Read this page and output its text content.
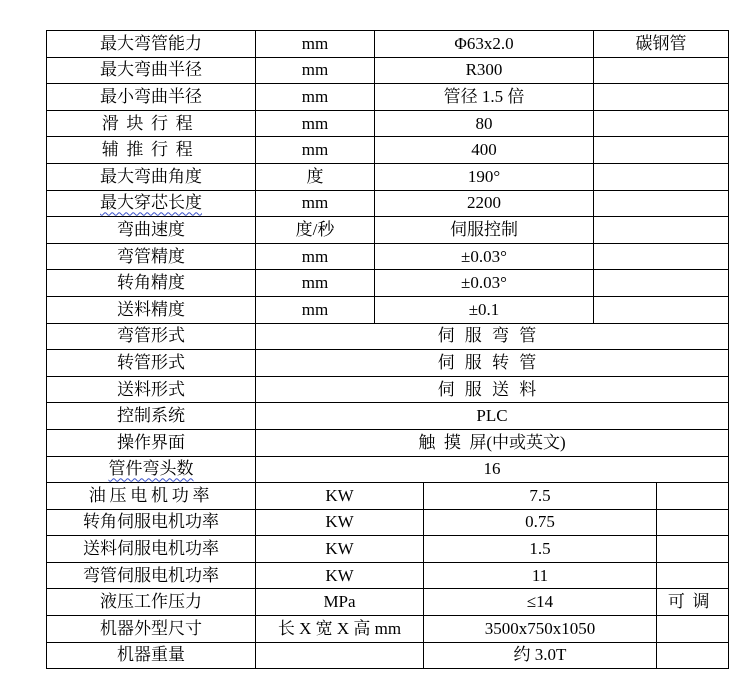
最大弯管能力	mm	Φ63x2.0		碳钢管	
最大弯曲半径	mm	R300			
最小弯曲半径	mm	管径 1.5 倍			
滑块行程	mm	80			
辅推行程	mm	400			
最大弯曲角度	度	190°			
最大穿芯长度	mm	2200			
弯曲速度	度/秒	伺服控制			
弯管精度	mm	±0.03°			
转角精度	mm	±0.03°			
送料精度	mm	±0.1			
弯管形式	伺服弯管				
转管形式	伺服转管				
送料形式	伺服送料				
控制系统	PLC				
操作界面	触  摸  屏(中或英文)				
管件弯头数	16				
油压电机功率	KW		7.5		
转角伺服电机功率	KW		0.75		
送料伺服电机功率	KW		1.5		
弯管伺服电机功率	KW		11		
液压工作压力	MPa		≤14		可调
机器外型尺寸	长 X 宽 X 高 mm		3500x750x1050		
机器重量			约 3.0T		
